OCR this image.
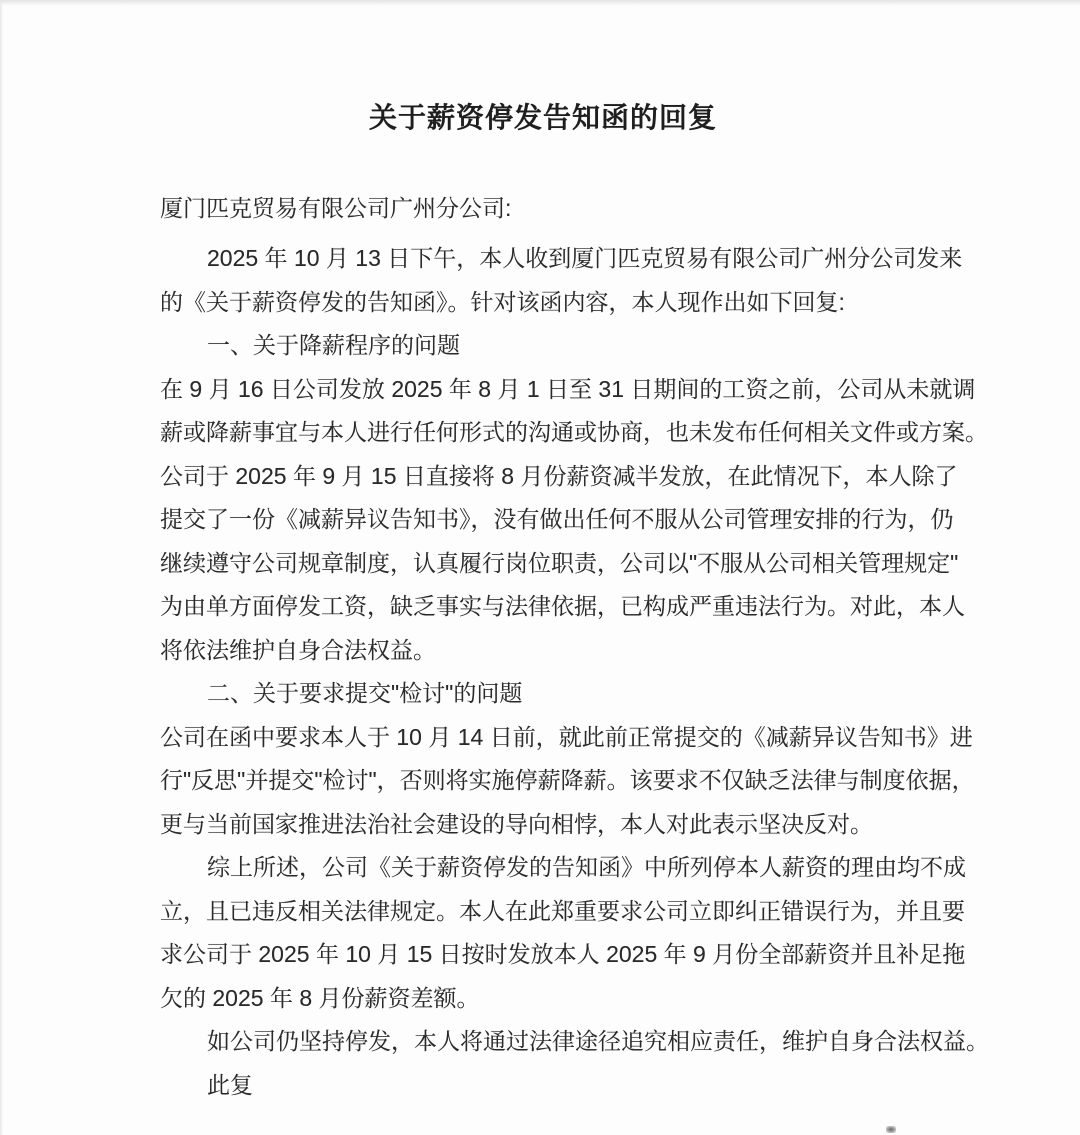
关于薪资停发告知函的回复
厦门匹克贸易有限公司广州分公司:
2025 年 10 月 13 日下午，本人收到厦门匹克贸易有限公司广州分公司发来
的《关于薪资停发的告知函》。针对该函内容，本人现作出如下回复:
一、关于降薪程序的问题
在 9 月 16 日公司发放 2025 年 8 月 1 日至 31 日期间的工资之前，公司从未就调
薪或降薪事宜与本人进行任何形式的沟通或协商，也未发布任何相关文件或方案。
公司于 2025 年 9 月 15 日直接将 8 月份薪资减半发放，在此情况下，本人除了
提交了一份《减薪异议告知书》，没有做出任何不服从公司管理安排的行为，仍
继续遵守公司规章制度，认真履行岗位职责，公司以"不服从公司相关管理规定"
为由单方面停发工资，缺乏事实与法律依据，已构成严重违法行为。对此，本人
将依法维护自身合法权益。
二、关于要求提交"检讨"的问题
公司在函中要求本人于 10 月 14 日前，就此前正常提交的《减薪异议告知书》进
行"反思"并提交"检讨"，否则将实施停薪降薪。该要求不仅缺乏法律与制度依据，
更与当前国家推进法治社会建设的导向相悖，本人对此表示坚决反对。
综上所述，公司《关于薪资停发的告知函》中所列停本人薪资的理由均不成
立，且已违反相关法律规定。本人在此郑重要求公司立即纠正错误行为，并且要
求公司于 2025 年 10 月 15 日按时发放本人 2025 年 9 月份全部薪资并且补足拖
欠的 2025 年 8 月份薪资差额。
如公司仍坚持停发，本人将通过法律途径追究相应责任，维护自身合法权益。
此复
